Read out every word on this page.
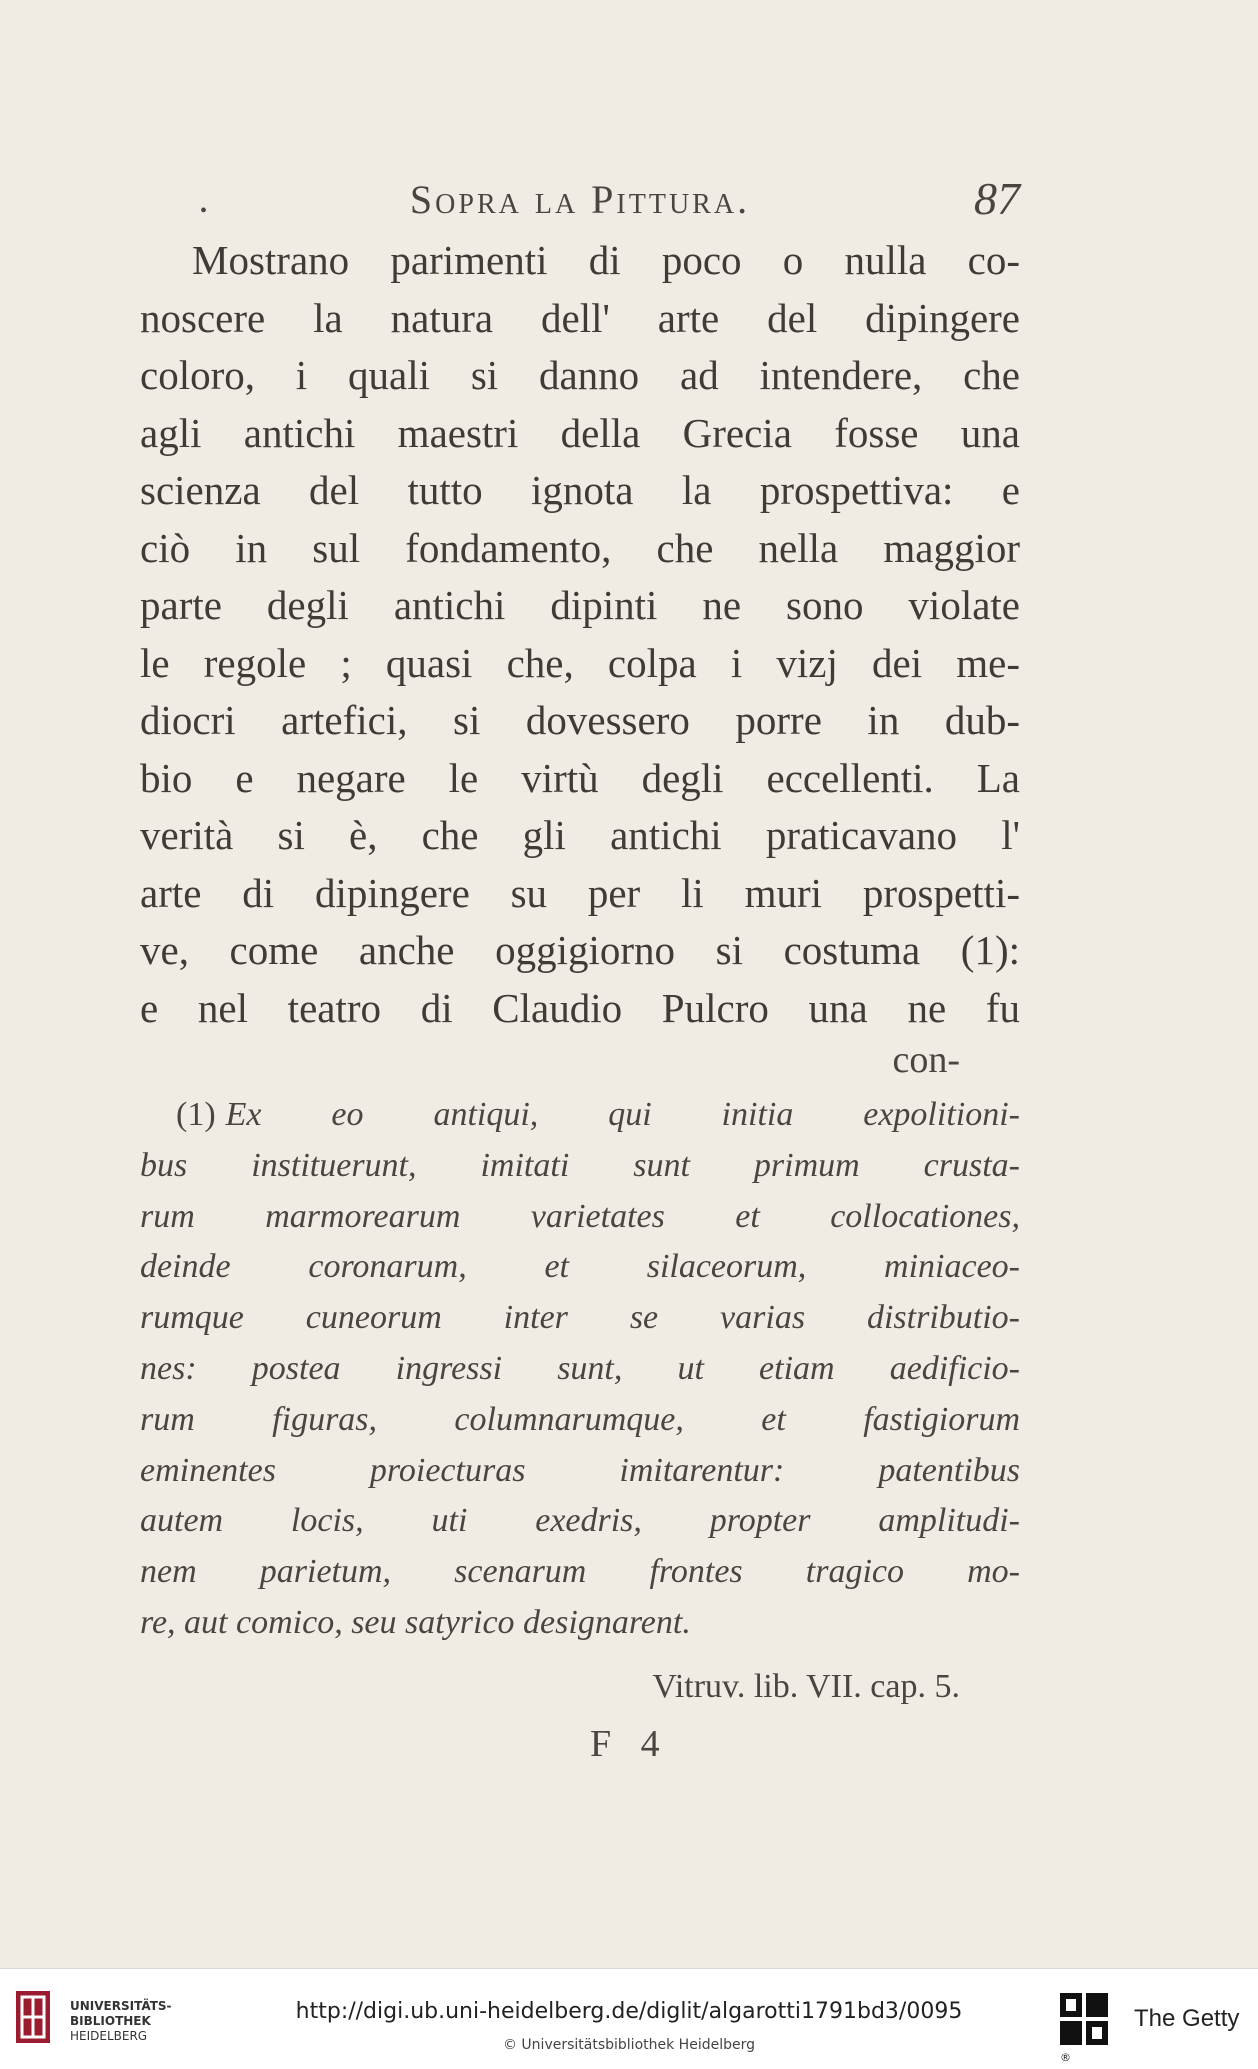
•	Sopra la Pittura.	87
Mostrano parimenti di poco o nulla co-
noscere la natura dell' arte del dipingere
coloro, i quali si danno ad intendere, che
agli antichi maestri della Grecia fosse una
scienza del tutto ignota la prospettiva: e
ciò in sul fondamento, che nella maggior
parte degli antichi dipinti ne sono violate
le regole ; quasi che, colpa i vizj dei me-
diocri artefici, si dovessero porre in dub-
bio e negare le virtù degli eccellenti. La
verità si è, che gli antichi praticavano l'
arte di dipingere su per li muri prospetti-
ve, come anche oggigiorno si costuma (1):
e nel teatro di Claudio Pulcro una ne fu
con-
(1) Ex eo antiqui, qui initia expolitioni-
bus instituerunt, imitati sunt primum crusta-
rum marmorearum varietates et collocationes,
deinde coronarum, et silaceorum, miniaceo-
rumque cuneorum inter se varias distributio-
nes: postea ingressi sunt, ut etiam aedificio-
rum figuras, columnarumque, et fastigiorum
eminentes proiecturas imitarentur: patentibus
autem locis, uti exedris, propter amplitudi-
nem parietum, scenarum frontes tragico mo-
re, aut comico, seu satyrico designarent.
Vitruv. lib. VII. cap. 5.
F 4
UNIVERSITÄTS-
BIBLIOTHEK
HEIDELBERG
http://digi.ub.uni-heidelberg.de/diglit/algarotti1791bd3/0095
© Universitätsbibliothek Heidelberg
®
The Getty
